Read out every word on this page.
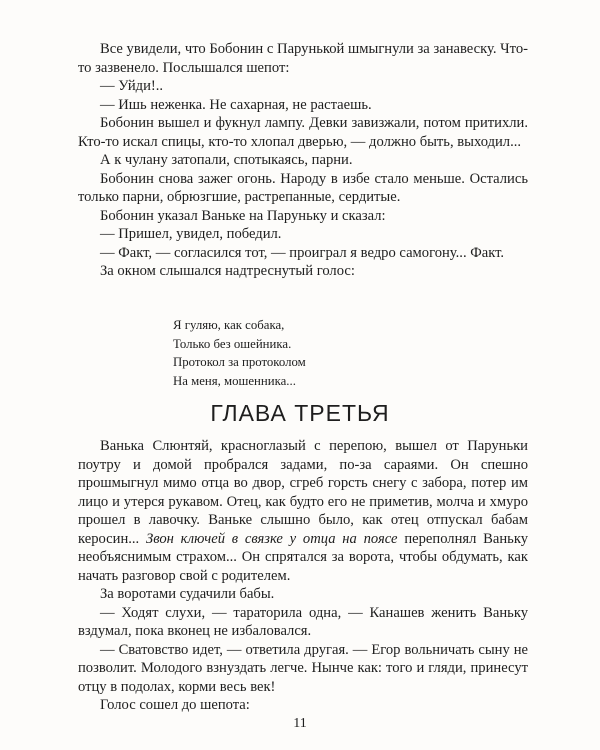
Все увидели, что Бобонин с Парунькой шмыгнули за занавеску. Что-то зазвенело. Послышался шепот:

— Уйди!..

— Ишь неженка. Не сахарная, не растаешь.

Бобонин вышел и фукнул лампу. Девки завизжали, потом притихли. Кто-то искал спицы, кто-то хлопал дверью, — должно быть, выходил...

А к чулану затопали, спотыкаясь, парни.

Бобонин снова зажег огонь. Народу в избе стало меньше. Остались только парни, обрюзгшие, растрепанные, сердитые.

Бобонин указал Ваньке на Паруньку и сказал:

— Пришел, увидел, победил.

— Факт, — согласился тот, — проиграл я ведро самогону... Факт.

За окном слышался надтреснутый голос:

Я гуляю, как собака,

Только без ошейника.

Протокол за протоколом

На меня, мошенника...

ГЛАВА ТРЕТЬЯ

Ванька Слюнтяй, красноглазый с перепою, вышел от Паруньки поутру и домой пробрался задами, по-за сараями. Он спешно прошмыгнул мимо отца во двор, сгреб горсть снегу с забора, потер им лицо и утерся рукавом. Отец, как будто его не приметив, молча и хмуро прошел в лавочку. Ваньке слышно было, как отец отпускал бабам керосин... Звон ключей в связке у отца на поясе переполнял Ваньку необъяснимым страхом... Он спрятался за ворота, чтобы обдумать, как начать разговор свой с родителем.

За воротами судачили бабы.

— Ходят слухи, — тараторила одна, — Канашев женить Ваньку вздумал, пока вконец не избаловался.

— Сватовство идет, — ответила другая. — Егор вольничать сыну не позволит. Молодого взнуздать легче. Нынче как: того и гляди, принесут отцу в подолах, корми весь век!

Голос сошел до шепота:

11
